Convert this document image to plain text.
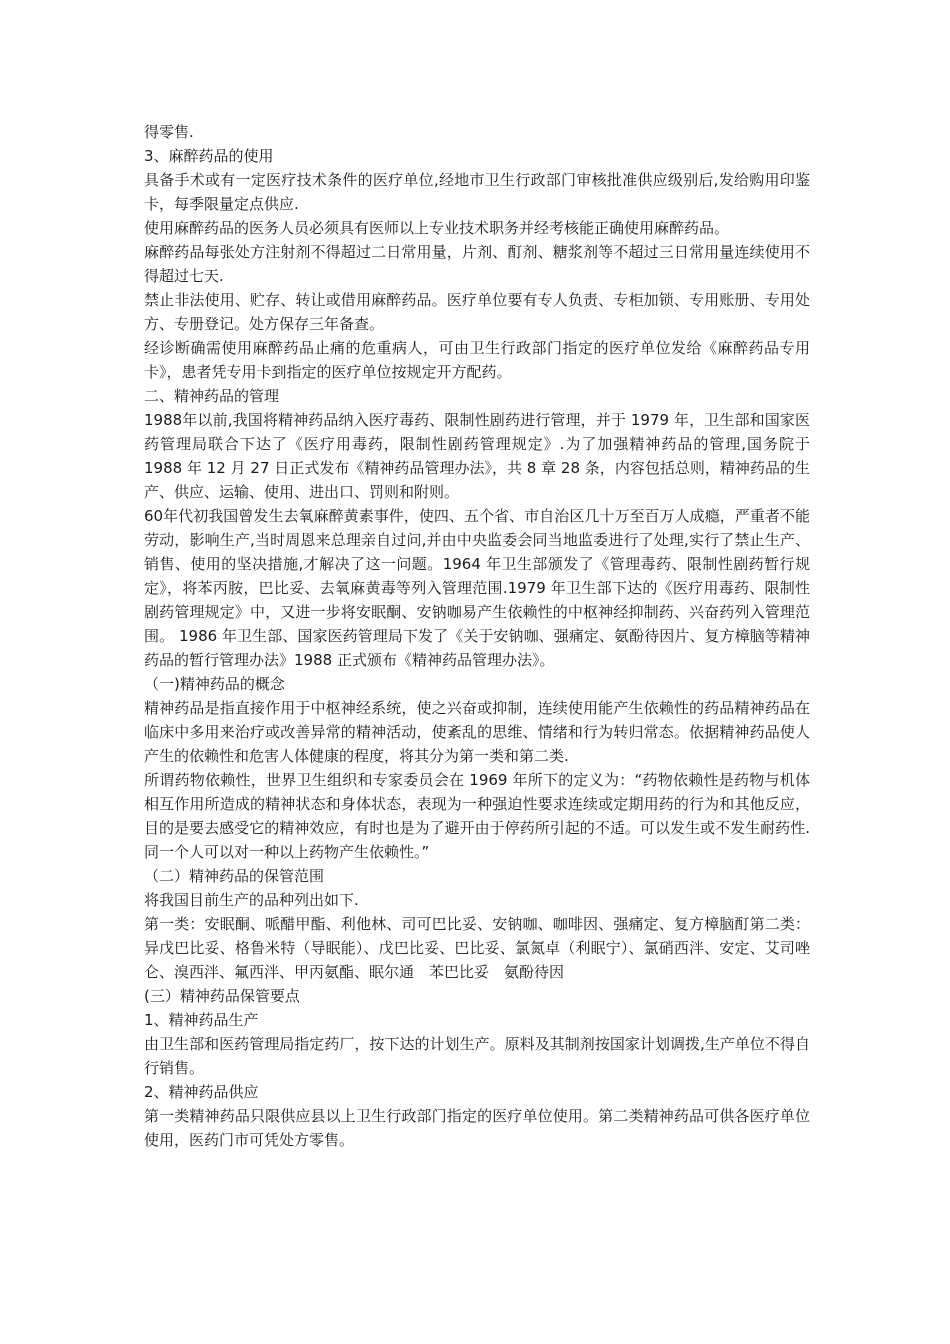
得零售.

3、麻醉药品的使用

具备手术或有一定医疗技术条件的医疗单位,经地市卫生行政部门审核批准供应级别后,发给购用印鉴卡，每季限量定点供应.

使用麻醉药品的医务人员必须具有医师以上专业技术职务并经考核能正确使用麻醉药品。

麻醉药品每张处方注射剂不得超过二日常用量，片剂、酊剂、糖浆剂等不超过三日常用量连续使用不得超过七天.

禁止非法使用、贮存、转让或借用麻醉药品。医疗单位要有专人负责、专柜加锁、专用账册、专用处方、专册登记。处方保存三年备查。

经诊断确需使用麻醉药品止痛的危重病人，可由卫生行政部门指定的医疗单位发给《麻醉药品专用卡》，患者凭专用卡到指定的医疗单位按规定开方配药。

二、精神药品的管理

1988年以前,我国将精神药品纳入医疗毒药、限制性剧药进行管理，并于 1979 年，卫生部和国家医药管理局联合下达了《医疗用毒药，限制性剧药管理规定》.为了加强精神药品的管理,国务院于 1988 年 12 月 27 日正式发布《精神药品管理办法》，共 8 章 28 条，内容包括总则，精神药品的生产、供应、运输、使用、进出口、罚则和附则。

60年代初我国曾发生去氧麻醉黄素事件，使四、五个省、市自治区几十万至百万人成瘾，严重者不能劳动，影响生产,当时周恩来总理亲自过问,并由中央监委会同当地监委进行了处理,实行了禁止生产、销售、使用的坚决措施,才解决了这一问题。1964 年卫生部颁发了《管理毒药、限制性剧药暂行规定》，将苯丙胺，巴比妥、去氧麻黄毒等列入管理范围.1979 年卫生部下达的《医疗用毒药、限制性剧药管理规定》中，又进一步将安眠酮、安钠咖易产生依赖性的中枢神经抑制药、兴奋药列入管理范围。 1986 年卫生部、国家医药管理局下发了《关于安钠咖、强痛定、氨酚待因片、复方樟脑等精神药品的暂行管理办法》1988 正式颁布《精神药品管理办法》。

（一)精神药品的概念

精神药品是指直接作用于中枢神经系统，使之兴奋或抑制，连续使用能产生依赖性的药品精神药品在临床中多用来治疗或改善异常的精神活动，使紊乱的思维、情绪和行为转归常态。依据精神药品使人产生的依赖性和危害人体健康的程度，将其分为第一类和第二类.

所谓药物依赖性，世界卫生组织和专家委员会在 1969 年所下的定义为：“药物依赖性是药物与机体相互作用所造成的精神状态和身体状态，表现为一种强迫性要求连续或定期用药的行为和其他反应，目的是要去感受它的精神效应，有时也是为了避开由于停药所引起的不适。可以发生或不发生耐药性.同一个人可以对一种以上药物产生依赖性。”

（二）精神药品的保管范围

将我国目前生产的品种列出如下.

第一类：安眠酮、哌醋甲酯、利他林、司可巴比妥、安钠咖、咖啡因、强痛定、复方樟脑酊第二类：异戊巴比妥、格鲁米特（导眠能）、戊巴比妥、巴比妥、氯氮卓（利眠宁）、氯硝西泮、安定、艾司唑仑、溴西泮、氟西泮、甲丙氨酯、眠尔通　苯巴比妥　氨酚待因

(三）精神药品保管要点

1、精神药品生产

由卫生部和医药管理局指定药厂，按下达的计划生产。原料及其制剂按国家计划调拨,生产单位不得自行销售。

2、精神药品供应

第一类精神药品只限供应县以上卫生行政部门指定的医疗单位使用。第二类精神药品可供各医疗单位使用，医药门市可凭处方零售。
